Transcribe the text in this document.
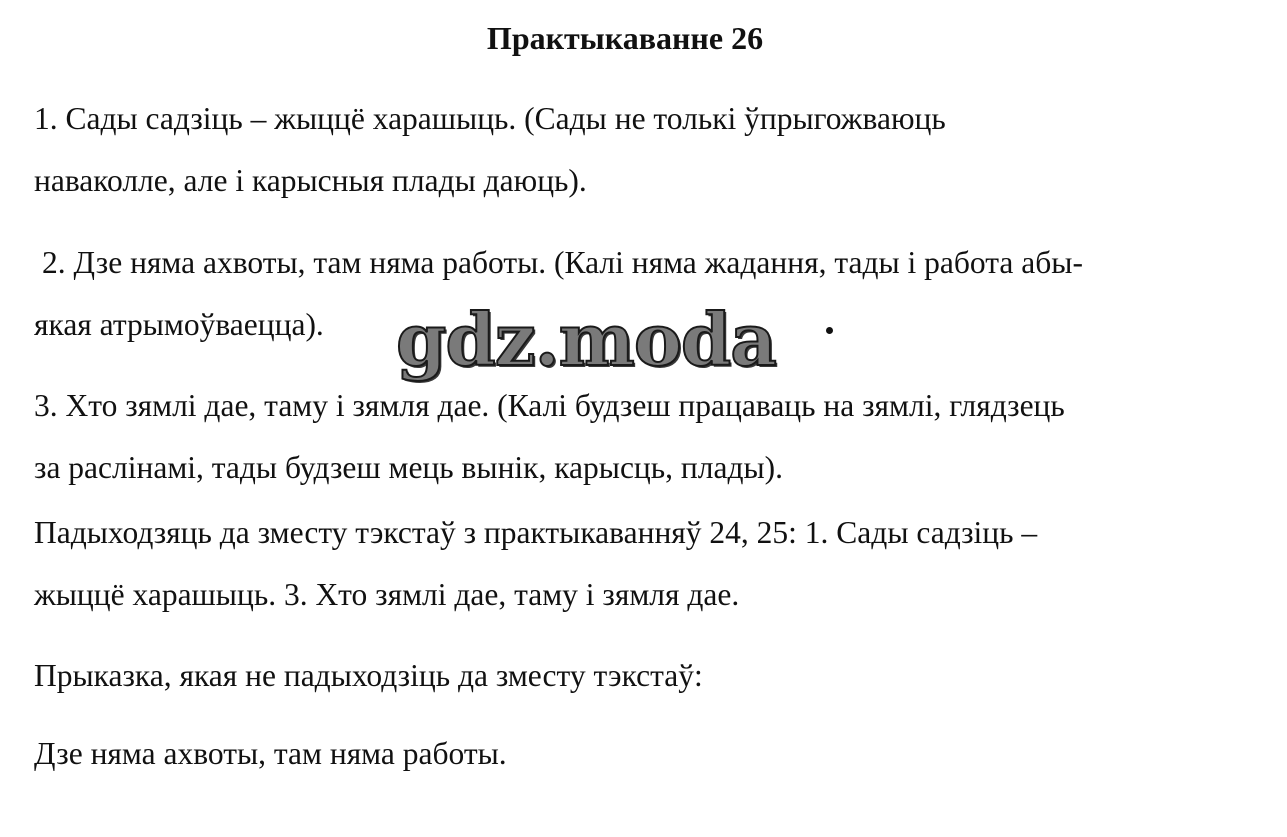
Практыкаванне 26
1. Сады садзіць – жыццё харашыць. (Сады не толькі ўпрыгожваюць
наваколле, але і карысныя плады даюць).
2. Дзе няма ахвоты, там няма работы. (Калі няма жадання, тады і работа абы-
якая атрымоўваецца).
3. Хто зямлі дае, таму і зямля дае. (Калі будзеш працаваць на зямлі, глядзець
за раслінамі, тады будзеш мець вынік, карысць, плады).
Падыходзяць да зместу тэкстаў з практыкаванняў 24, 25: 1. Сады садзіць –
жыццё харашыць. 3. Хто зямлі дае, таму і зямля дае.
Прыказка, якая не падыходзіць да зместу тэкстаў:
Дзе няма ахвоты, там няма работы.
gdz.moda
